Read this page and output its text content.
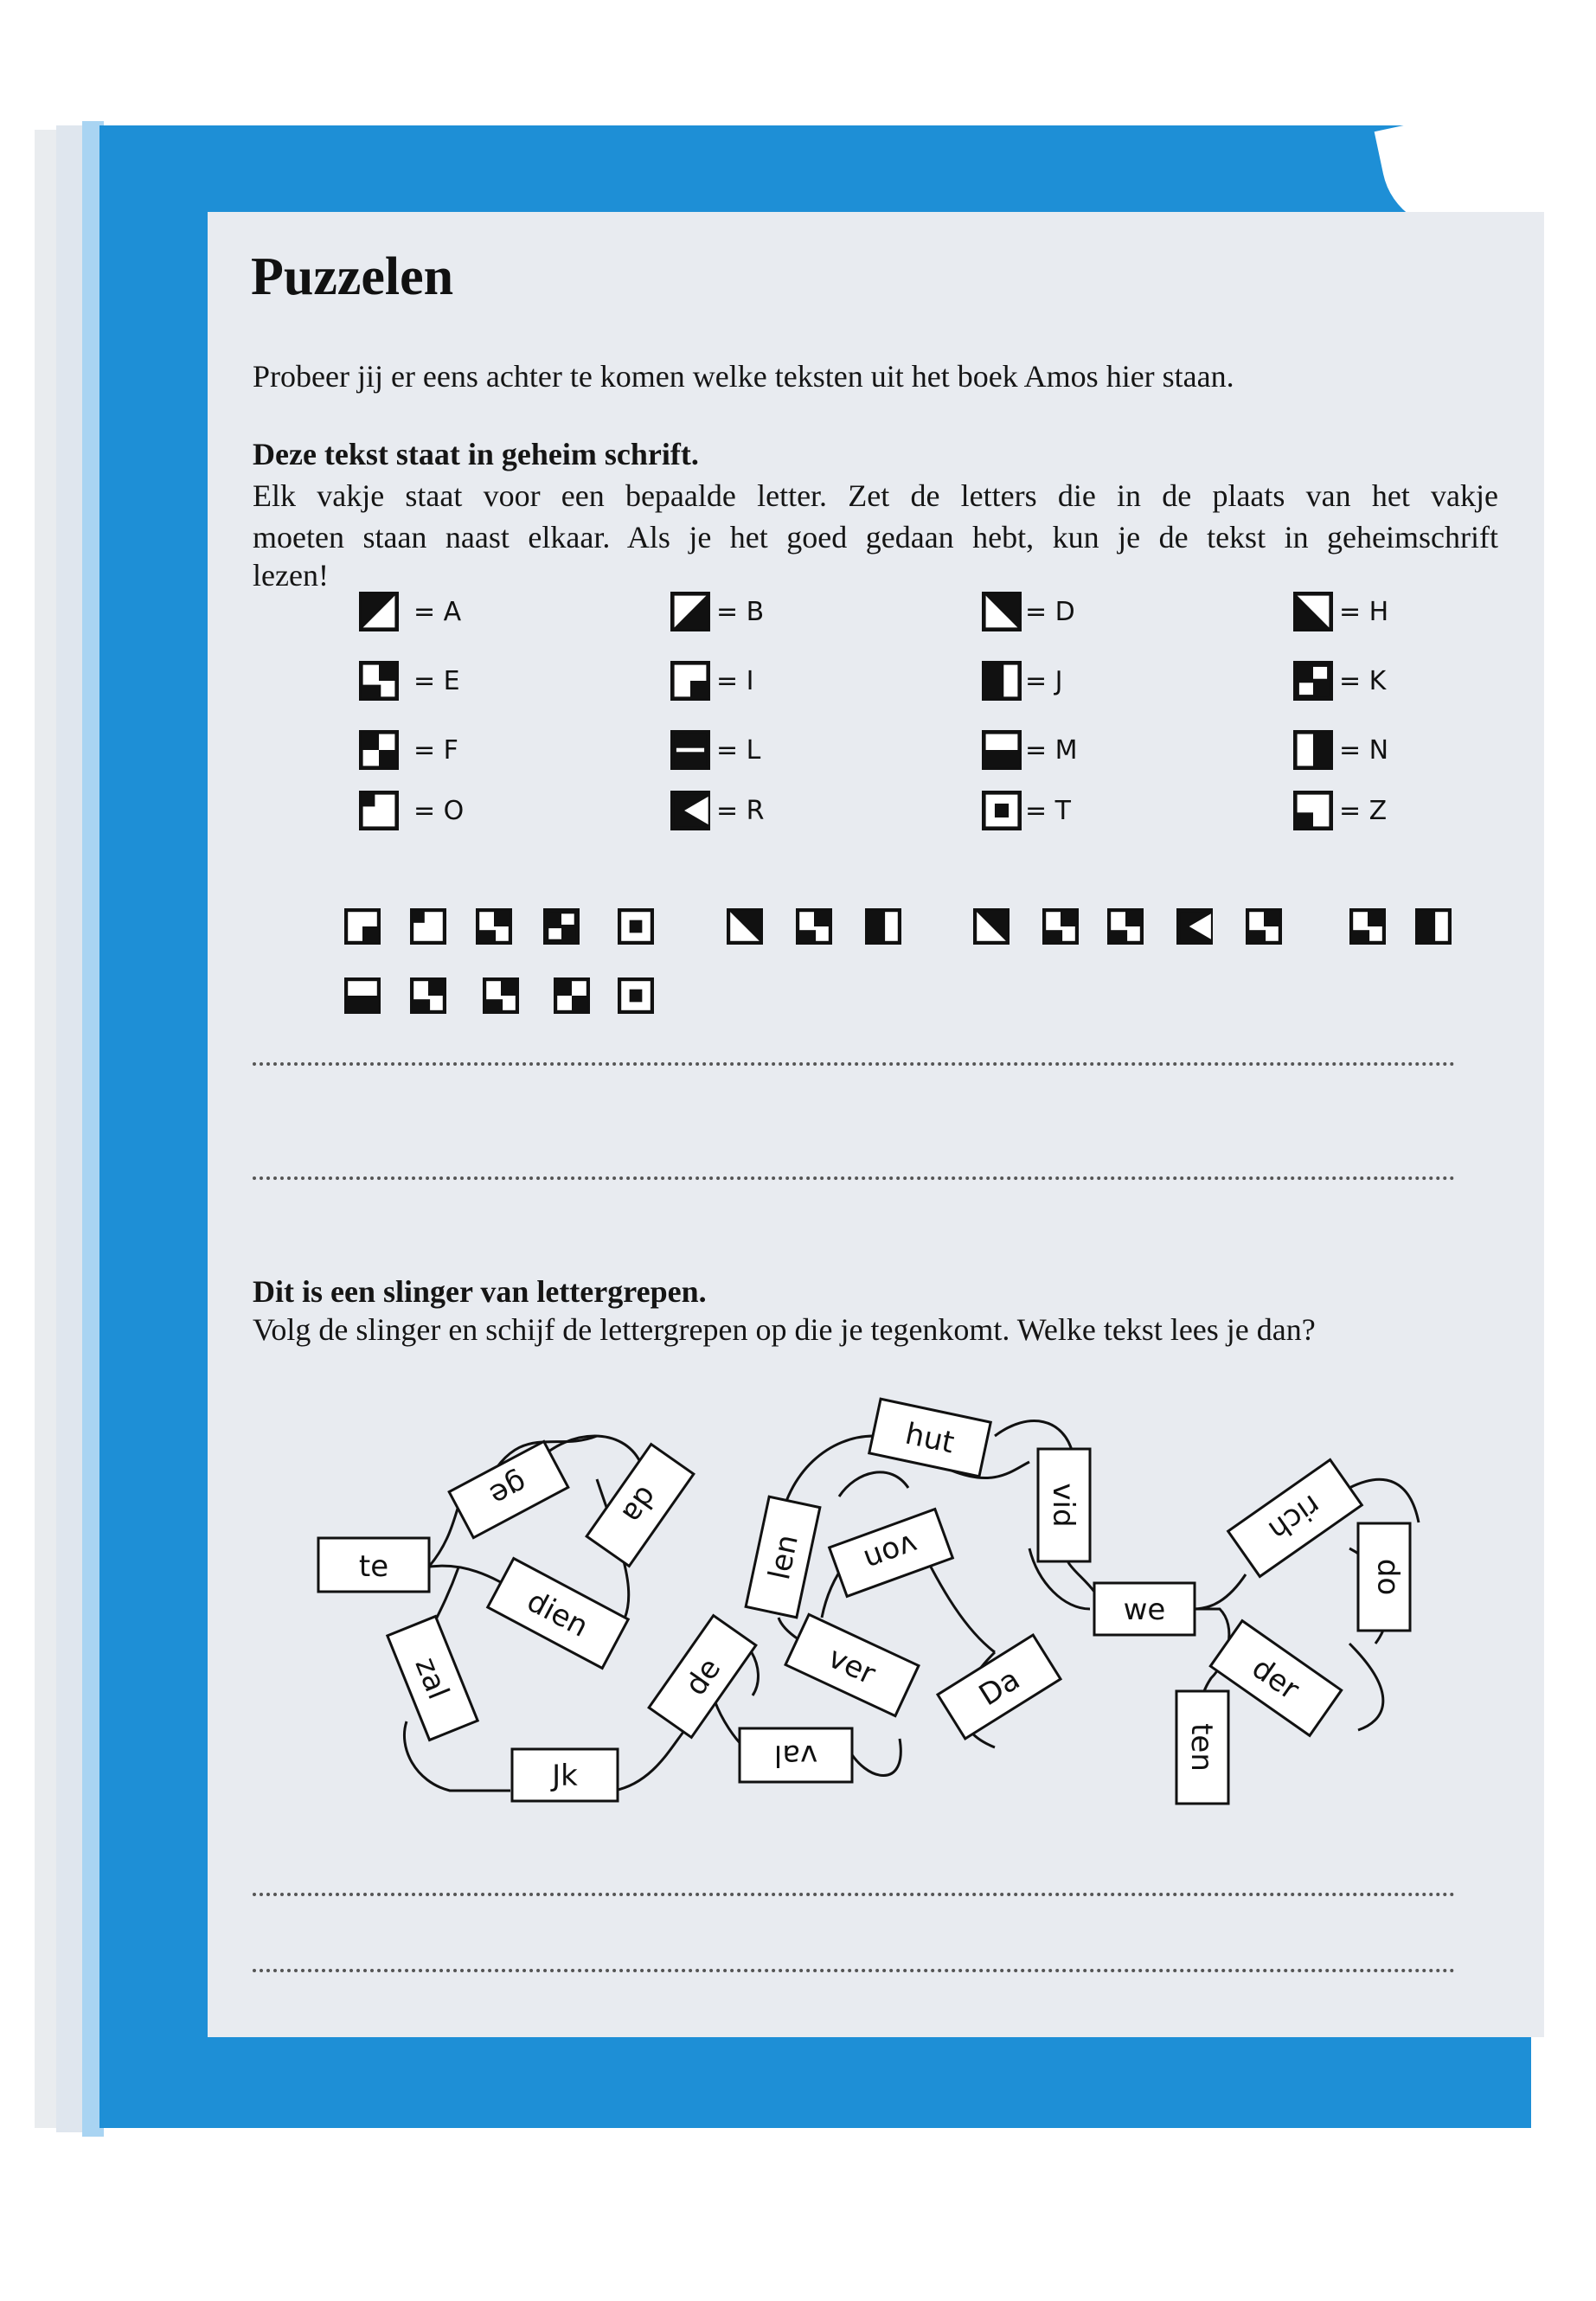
Puzzelen
Probeer jij er eens achter te komen welke teksten uit het boek Amos hier staan.
Deze tekst staat in geheim schrift.
Elk vakje staat voor een bepaalde letter. Zet de letters die in de plaats van het vakje
moeten staan naast elkaar. Als je het goed gedaan hebt, kun je de tekst in geheimschrift
lezen!
= A	= B	= D	= H
= E	= I	= J	= K
= F	= L	= M	= N
= O	= R	= T	= Z
Dit is een slinger van lettergrepen.
Volg de slinger en schijf de lettergrepen op die je tegenkomt. Welke tekst lees je dan?
te
ge	da
zal
dien
Jk
de
len
hut
von
ver
val
Da
vid
we
rich
op
der
ten
